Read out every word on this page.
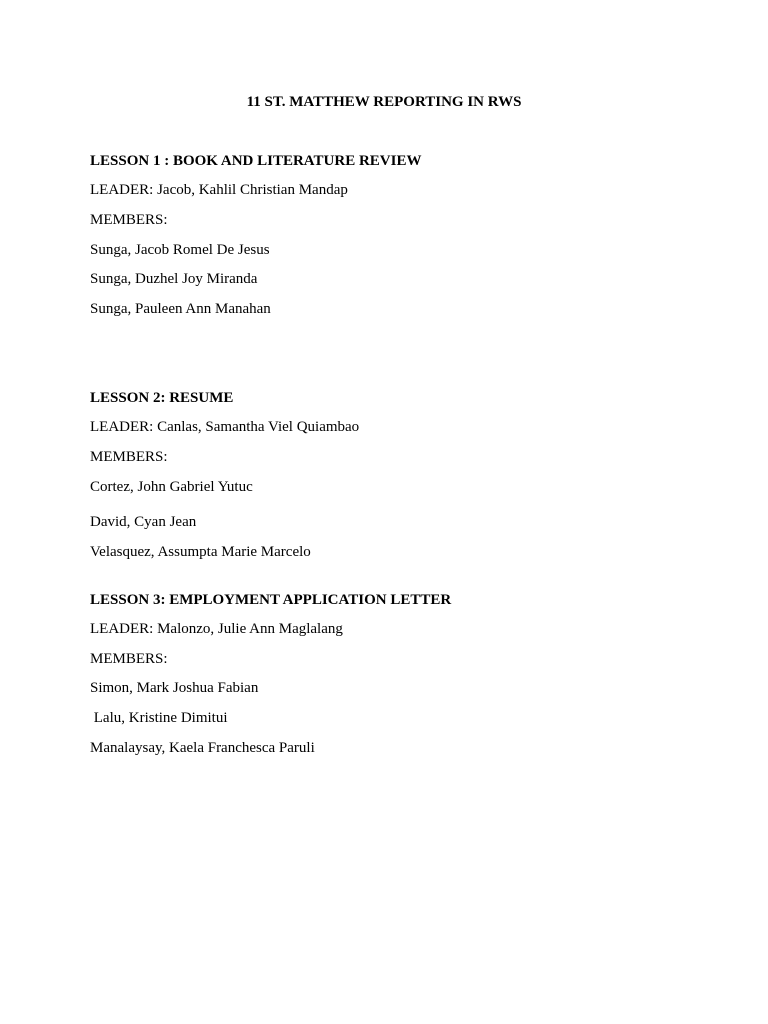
11 ST. MATTHEW REPORTING IN RWS
LESSON 1 : BOOK AND LITERATURE REVIEW
LEADER: Jacob, Kahlil Christian Mandap
MEMBERS:
Sunga, Jacob Romel De Jesus
Sunga, Duzhel Joy Miranda
Sunga, Pauleen Ann Manahan
LESSON 2: RESUME
LEADER: Canlas, Samantha Viel Quiambao
MEMBERS:
Cortez, John Gabriel Yutuc
David, Cyan Jean
Velasquez, Assumpta Marie Marcelo
LESSON 3: EMPLOYMENT APPLICATION LETTER
LEADER: Malonzo, Julie Ann Maglalang
MEMBERS:
Simon, Mark Joshua Fabian
Lalu, Kristine Dimitui
Manalaysay, Kaela Franchesca Paruli
